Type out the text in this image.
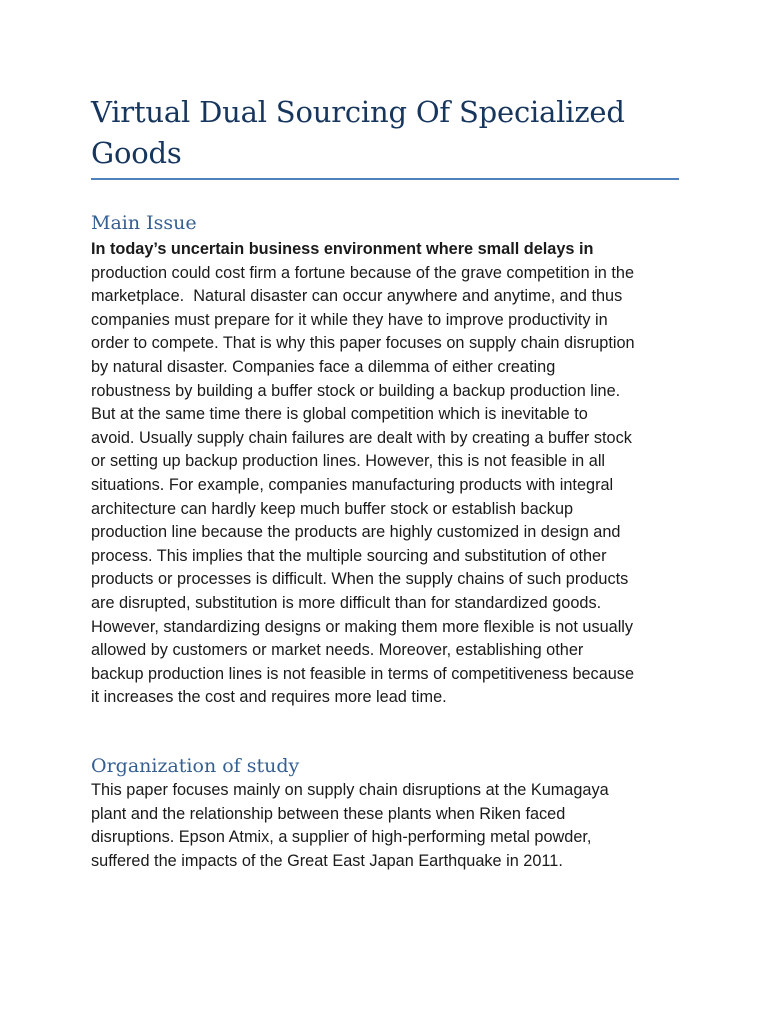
Virtual Dual Sourcing Of Specialized
Goods
Main Issue

In today’s uncertain business environment where small delays in
production could cost firm a fortune because of the grave competition in the
marketplace.  Natural disaster can occur anywhere and anytime, and thus
companies must prepare for it while they have to improve productivity in
order to compete. That is why this paper focuses on supply chain disruption
by natural disaster. Companies face a dilemma of either creating
robustness by building a buffer stock or building a backup production line.
But at the same time there is global competition which is inevitable to
avoid. Usually supply chain failures are dealt with by creating a buffer stock
or setting up backup production lines. However, this is not feasible in all
situations. For example, companies manufacturing products with integral
architecture can hardly keep much buffer stock or establish backup
production line because the products are highly customized in design and
process. This implies that the multiple sourcing and substitution of other
products or processes is difficult. When the supply chains of such products
are disrupted, substitution is more difficult than for standardized goods.
However, standardizing designs or making them more flexible is not usually
allowed by customers or market needs. Moreover, establishing other
backup production lines is not feasible in terms of competitiveness because
it increases the cost and requires more lead time.

Organization of study

This paper focuses mainly on supply chain disruptions at the Kumagaya
plant and the relationship between these plants when Riken faced
disruptions. Epson Atmix, a supplier of high-performing metal powder,
suffered the impacts of the Great East Japan Earthquake in 2011.
